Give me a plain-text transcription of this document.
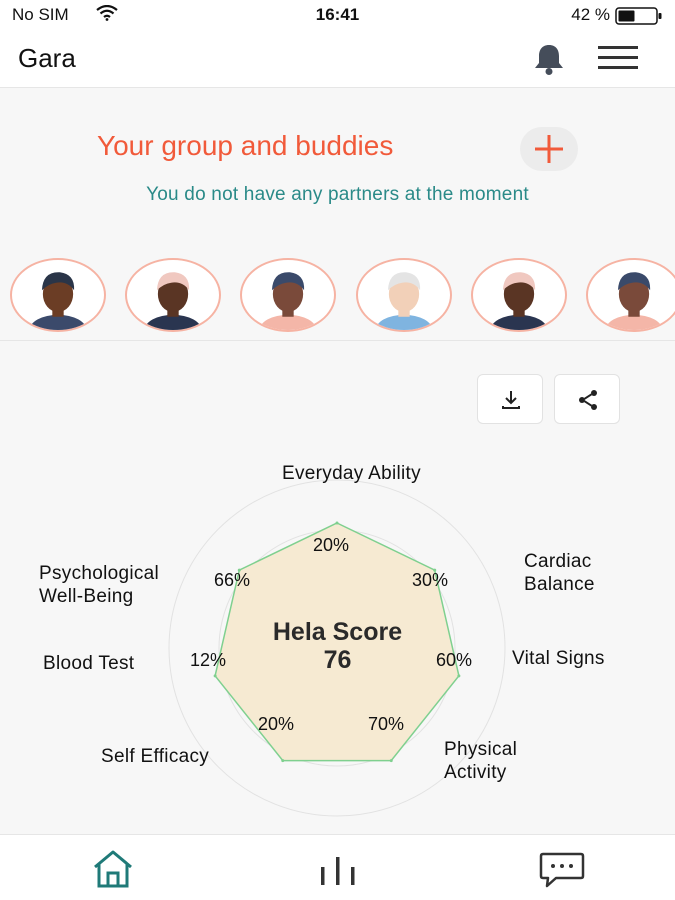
No SIM	16:41	42 %
Gara
Your group and buddies
You do not have any partners at the moment
Everyday Ability
Cardiac Balance
Vital Signs
Physical Activity
Self Efficacy
Blood Test
Psychological Well-Being
20%
30%
60%
70%
20%
12%
66%
Hela Score
76
